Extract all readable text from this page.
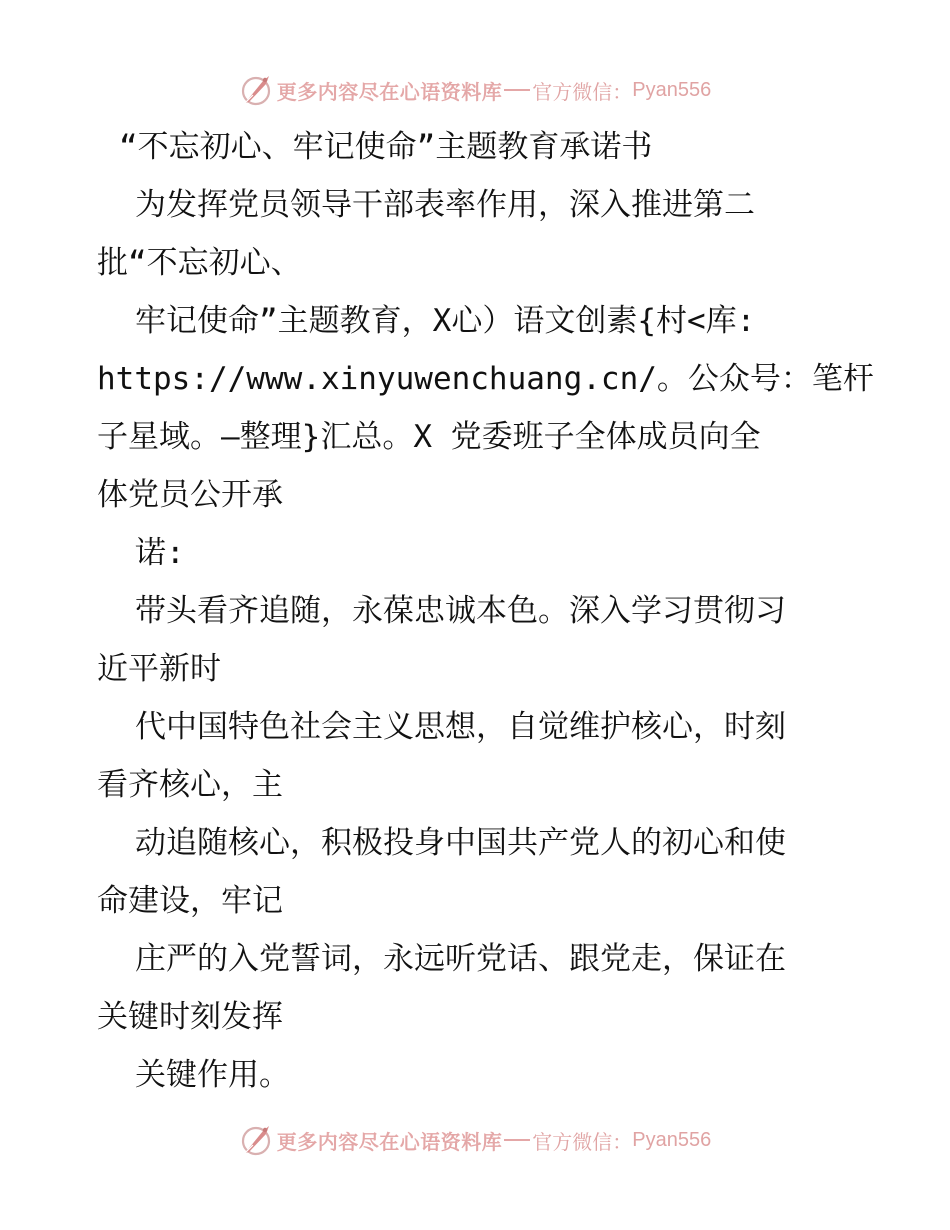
更多内容尽在心语资料库 官方微信： Pyan556
“不忘初心、牢记使命”主题教育承诺书
为发挥党员领导干部表率作用，深入推进第二
批“不忘初心、
牢记使命”主题教育，X心）语文创素{村<库:
https://www.xinyuwenchuang.cn/。公众号：笔杆
子星域。—整理}汇总。X 党委班子全体成员向全
体党员公开承
诺:
带头看齐追随，永葆忠诚本色。深入学习贯彻习
近平新时
代中国特色社会主义思想，自觉维护核心，时刻
看齐核心，主
动追随核心，积极投身中国共产党人的初心和使
命建设，牢记
庄严的入党誓词，永远听党话、跟党走，保证在
关键时刻发挥
关键作用。
更多内容尽在心语资料库 官方微信： Pyan556
